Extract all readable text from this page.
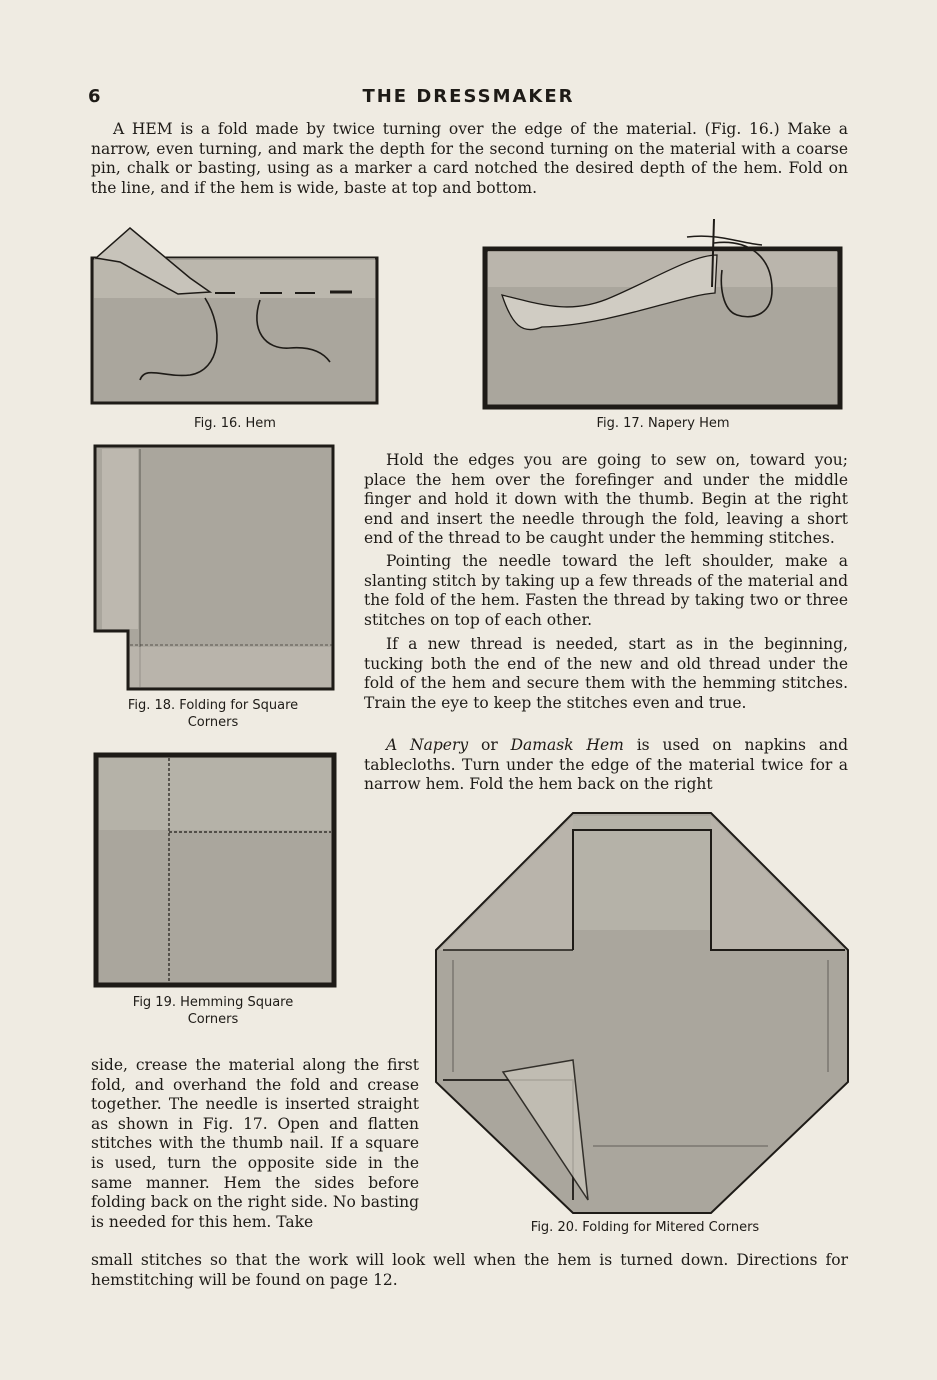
6	THE DRESSMAKER

A HEM is a fold made by twice turning over the edge of the material. (Fig. 16.) Make a narrow, even turning, and mark the depth for the second turning on the material with a coarse pin, chalk or basting, using as a marker a card notched the desired depth of the hem. Fold on the line, and if the hem is wide, baste at top and bottom.

Fig. 16. Hem	Fig. 17. Napery Hem
Fig. 18. Folding for Square
Corners
Fig 19. Hemming Square
Corners

Hold the edges you are going to sew on, toward you; place the hem over the forefinger and under the middle finger and hold it down with the thumb. Begin at the right end and insert the needle through the fold, leaving a short end of the thread to be caught under the hemming stitches.

Pointing the needle toward the left shoulder, make a slanting stitch by taking up a few threads of the material and the fold of the hem. Fasten the thread by taking two or three stitches on top of each other.

If a new thread is needed, start as in the beginning, tucking both the end of the new and old thread under the fold of the hem and secure them with the hemming stitches. Train the eye to keep the stitches even and true.

A Napery or Damask Hem is used on napkins and tablecloths. Turn under the edge of the material twice for a narrow hem. Fold the hem back on the right

Fig. 20. Folding for Mitered Corners

side, crease the material along the first fold, and overhand the fold and crease together. The needle is inserted straight as shown in Fig. 17. Open and flatten stitches with the thumb nail. If a square is used, turn the opposite side in the same manner. Hem the sides before folding back on the right side. No basting is needed for this hem. Take

small stitches so that the work will look well when the hem is turned down. Directions for hemstitching will be found on page 12.
